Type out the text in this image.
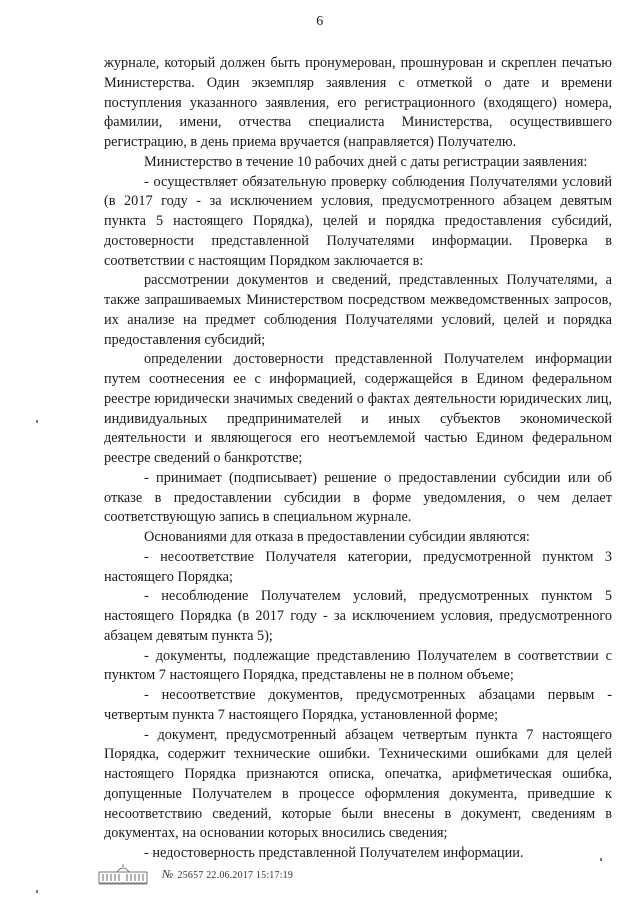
6

журнале, который должен быть пронумерован, прошнурован и скреплен печатью Министерства. Один экземпляр заявления с отметкой о дате и времени поступления указанного заявления, его регистрационного (входящего) номера, фамилии, имени, отчества специалиста Министерства, осуществившего регистрацию, в день приема вручается (направляется) Получателю.

Министерство в течение 10 рабочих дней с даты регистрации заявления:

- осуществляет обязательную проверку соблюдения Получателями условий (в 2017 году - за исключением условия, предусмотренного абзацем девятым пункта 5 настоящего Порядка), целей и порядка предоставления субсидий, достоверности представленной Получателями информации. Проверка в соответствии с настоящим Порядком заключается в:

рассмотрении документов и сведений, представленных Получателями, а также запрашиваемых Министерством посредством межведомственных запросов, их анализе на предмет соблюдения Получателями условий, целей и порядка предоставления субсидий;

определении достоверности представленной Получателем информации путем соотнесения ее с информацией, содержащейся в Едином федеральном реестре юридически значимых сведений о фактах деятельности юридических лиц, индивидуальных предпринимателей и иных субъектов экономической деятельности и являющегося его неотъемлемой частью Едином федеральном реестре сведений о банкротстве;

- принимает (подписывает) решение о предоставлении субсидии или об отказе в предоставлении субсидии в форме уведомления, о чем делает соответствующую запись в специальном журнале.

Основаниями для отказа в предоставлении субсидии являются:

- несоответствие Получателя категории, предусмотренной пунктом 3 настоящего Порядка;

- несоблюдение Получателем условий, предусмотренных пунктом 5 настоящего Порядка (в 2017 году - за исключением условия, предусмотренного абзацем девятым пункта 5);

- документы, подлежащие представлению Получателем в соответствии с пунктом 7 настоящего Порядка, представлены не в полном объеме;

- несоответствие документов, предусмотренных абзацами первым - четвертым пункта 7 настоящего Порядка, установленной форме;

- документ, предусмотренный абзацем четвертым пункта 7 настоящего Порядка, содержит технические ошибки. Техническими ошибками для целей настоящего Порядка признаются описка, опечатка, арифметическая ошибка, допущенные Получателем в процессе оформления документа, приведшие к несоответствию сведений, которые были внесены в документ, сведениям в документах, на основании которых вносились сведения;

- недостоверность представленной Получателем информации.

№ 25657 22.06.2017 15:17:19
